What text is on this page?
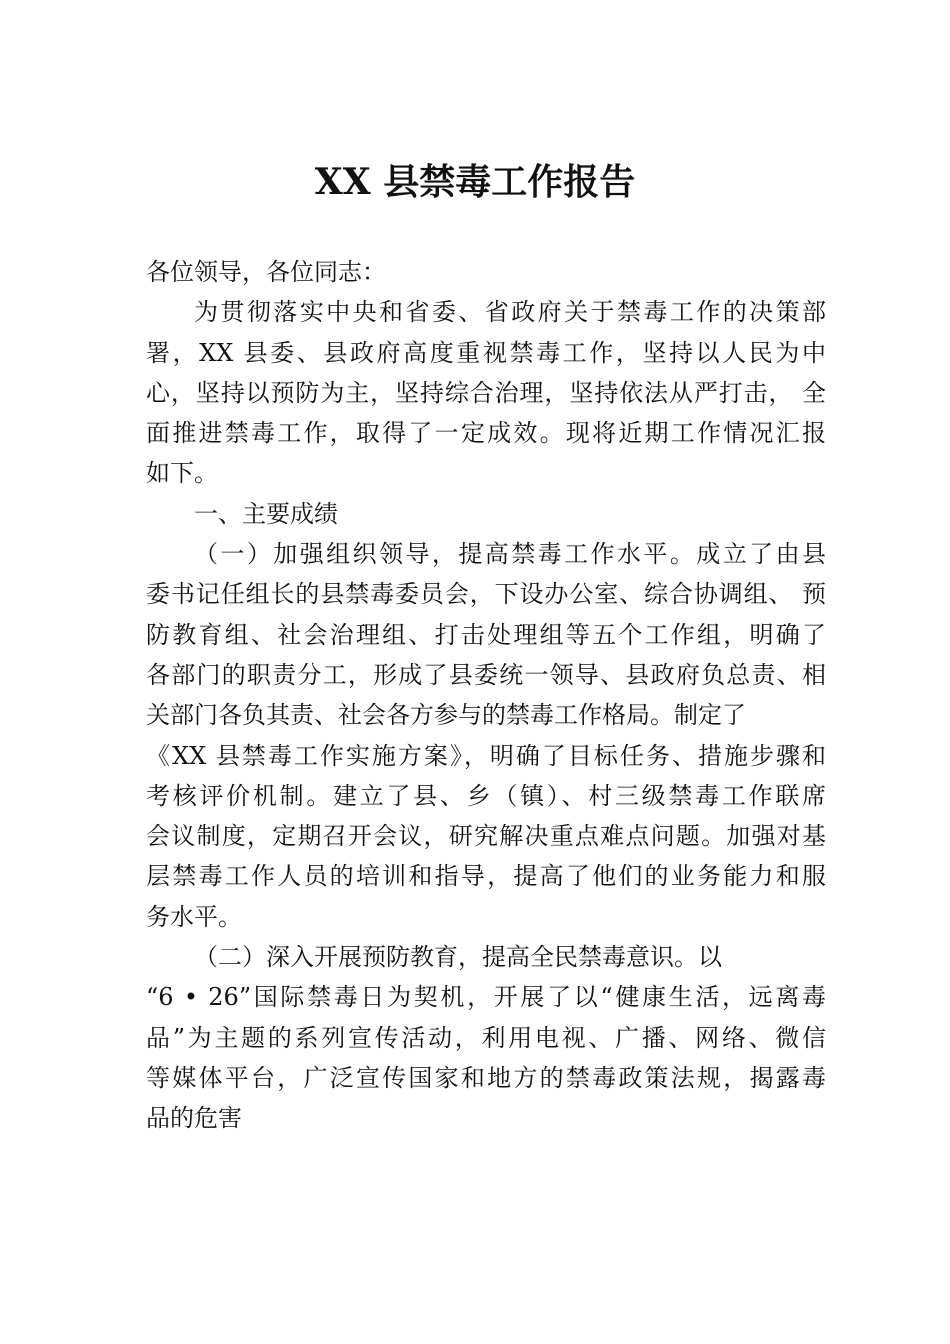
XX 县禁毒工作报告

各位领导，各位同志：

为贯彻落实中央和省委、省政府关于禁毒工作的决策部

署，XX 县委、县政府高度重视禁毒工作，坚持以人民为中

心，坚持以预防为主，坚持综合治理，坚持依法从严打击， 全

面推进禁毒工作，取得了一定成效。现将近期工作情况汇报

如下。

一、主要成绩

（一）加强组织领导，提高禁毒工作水平。成立了由县

委书记任组长的县禁毒委员会，下设办公室、综合协调组、 预

防教育组、社会治理组、打击处理组等五个工作组，明确了

各部门的职责分工，形成了县委统一领导、县政府负总责、相

关部门各负其责、社会各方参与的禁毒工作格局。制定了

《XX 县禁毒工作实施方案》，明确了目标任务、措施步骤和

考核评价机制。建立了县、乡（镇）、村三级禁毒工作联席

会议制度，定期召开会议，研究解决重点难点问题。加强对基

层禁毒工作人员的培训和指导，提高了他们的业务能力和服

务水平。

（二）深入开展预防教育，提高全民禁毒意识。以

“6 • 26”国际禁毒日为契机，开展了以“健康生活，远离毒

品”为主题的系列宣传活动，利用电视、广播、网络、微信

等媒体平台，广泛宣传国家和地方的禁毒政策法规，揭露毒

品的危害
